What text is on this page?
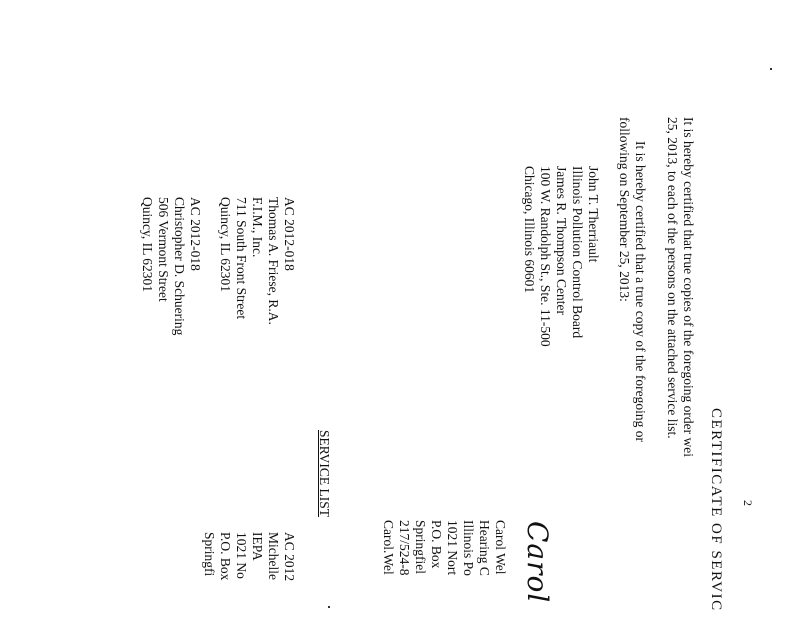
2
CERTIFICATE OF SERVIC
It is hereby certified that true copies of the foregoing order wei
25, 2013, to each of the persons on the attached service list.
It is hereby certified that a true copy of the foregoing or
following on September 25, 2013:
John T. Therriault
Illinois Pollution Control Board
James R. Thompson Center
100 W. Randolph St., Ste. 11-500
Chicago, Illinois 60601
Carol
Carol Wel
Hearing C
Illinois Po
1021 Nort
P.O. Box
Springfiel
217/524-8
Carol.Wel
SERVICE LIST
AC 2012-018
Thomas A. Friese, R.A.
F.I.M., Inc.
711 South Front Street
Quincy, IL 62301
AC 2012-018
Christopher D. Schuering
506 Vermont Street
Quincy, IL 62301
AC 2012
Michelle
IEPA
1021 No
P.O. Box
Springfi
